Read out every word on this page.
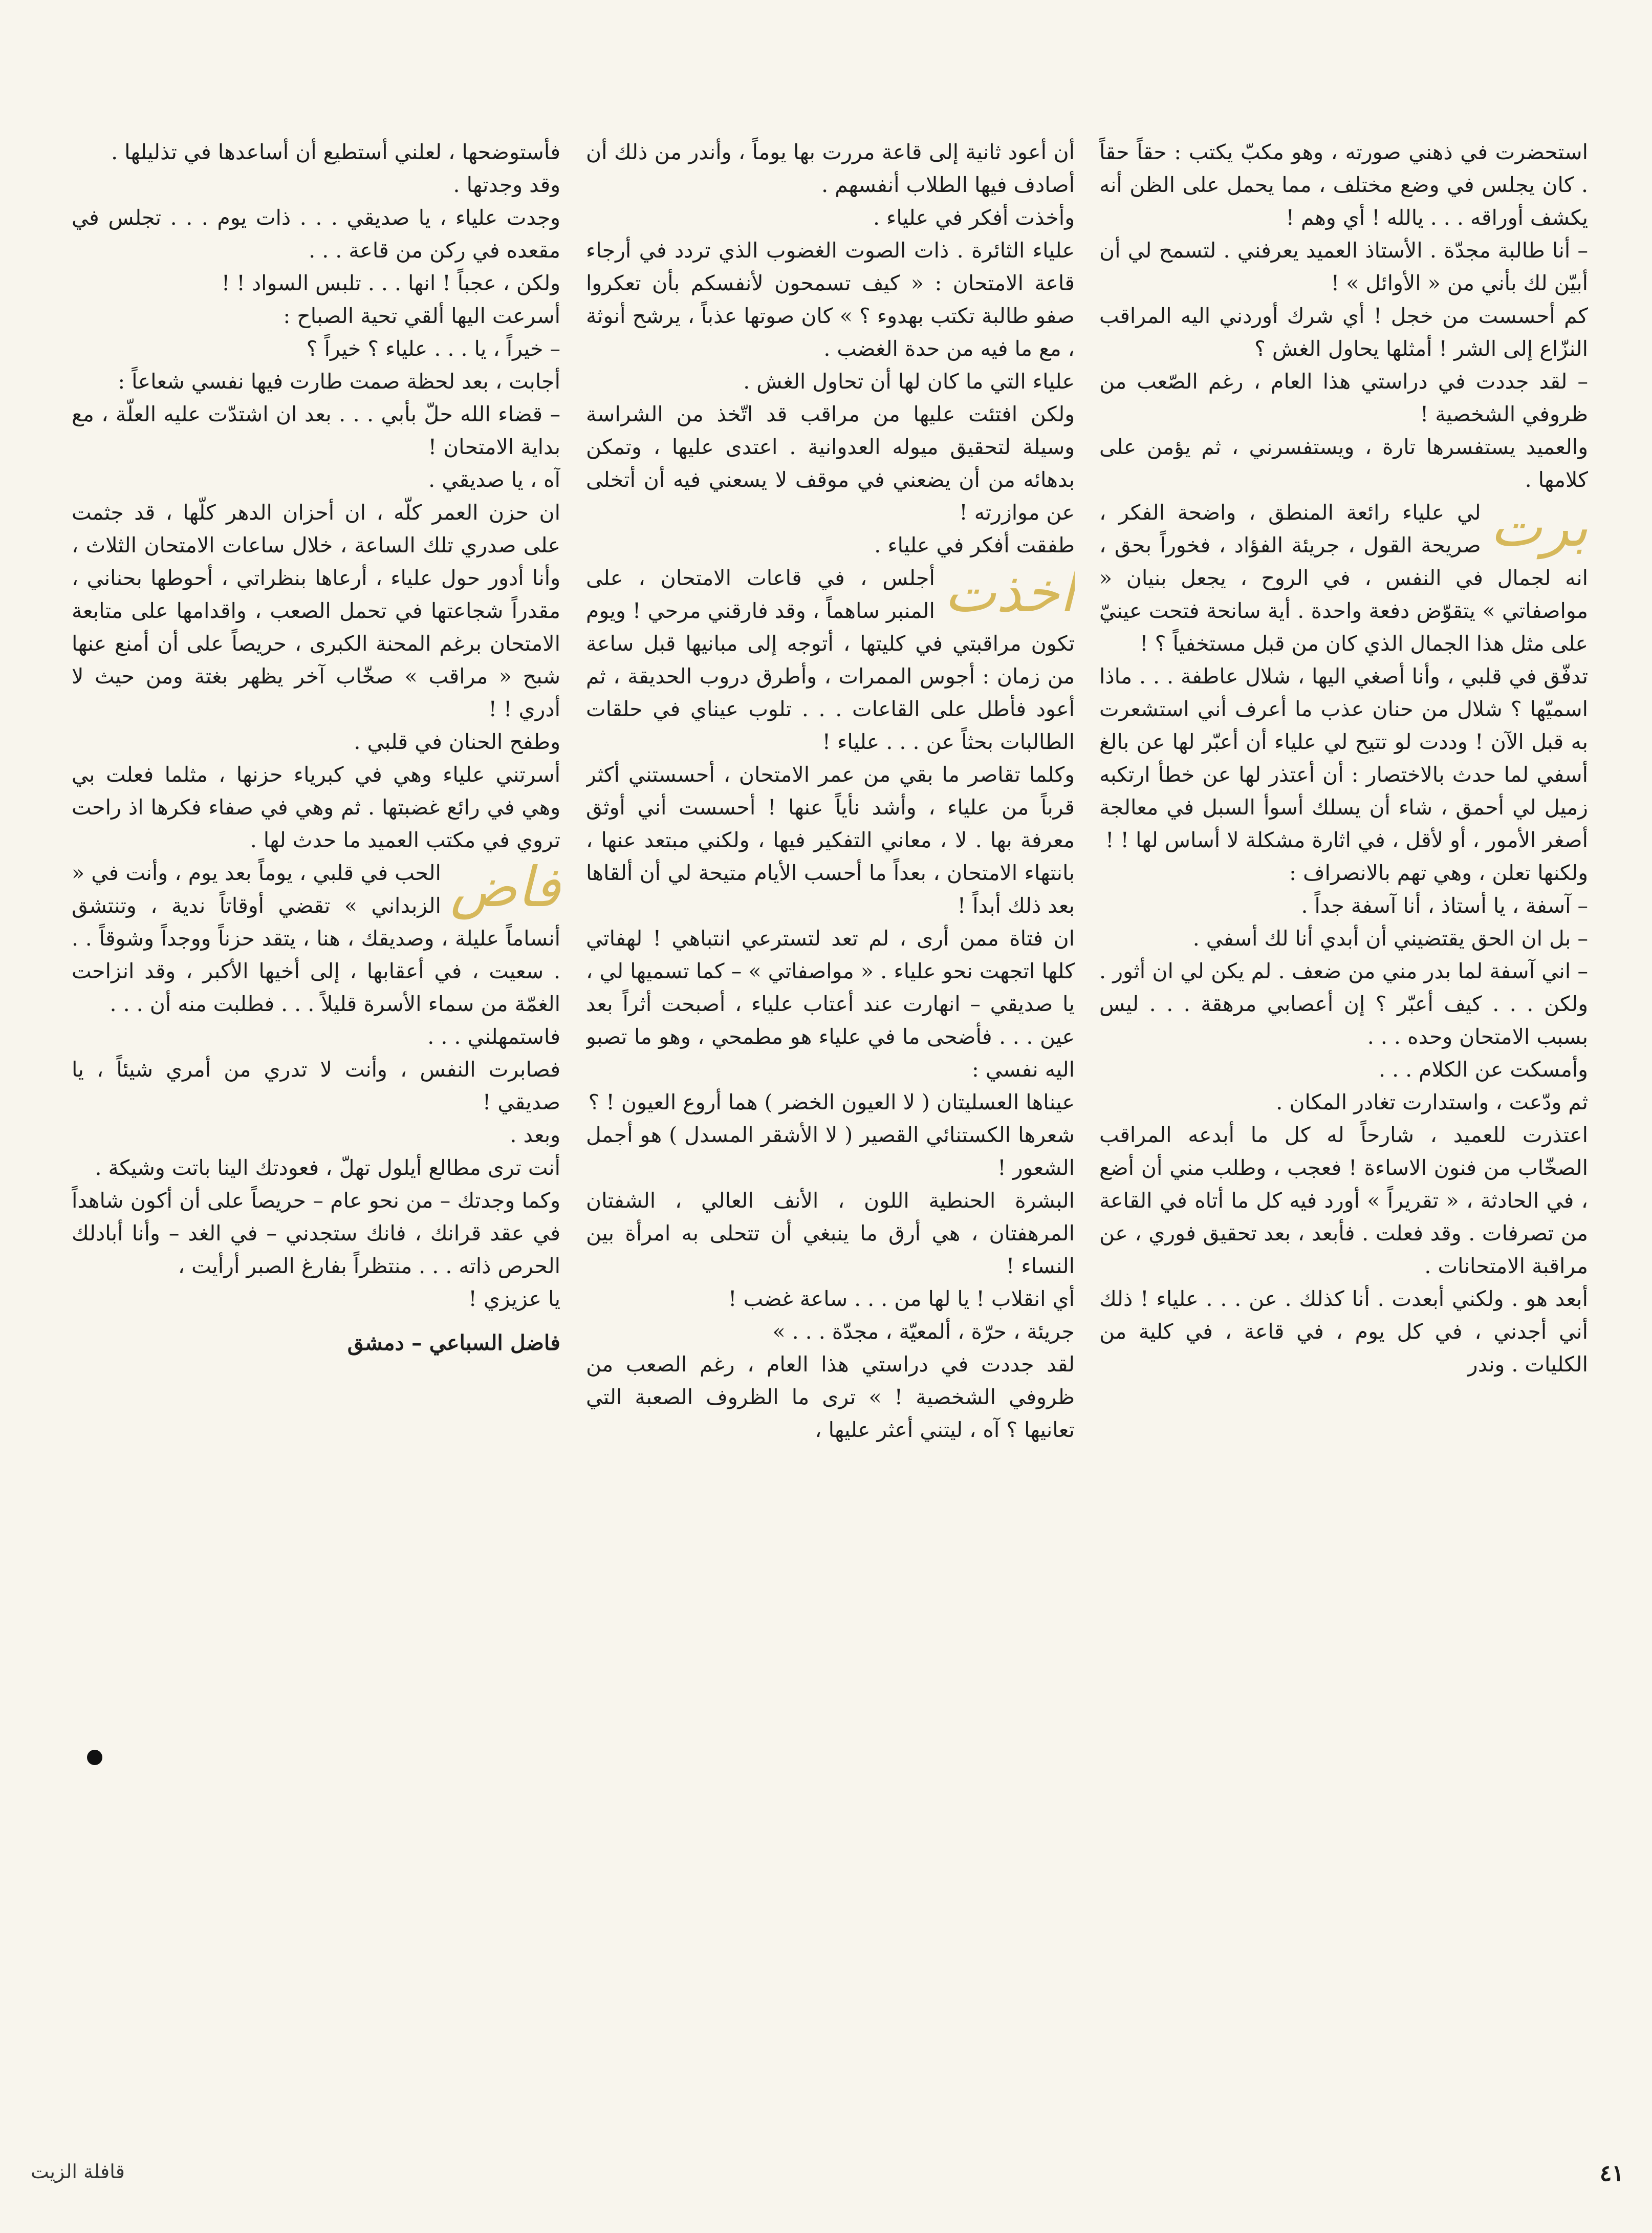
استحضرت في ذهني صورته ، وهو مكبّ يكتب : حقاً حقاً . كان يجلس في وضع مختلف ، مما يحمل على الظن أنه يكشف أوراقه . . . يالله ! أي وهم !

– أنا طالبة مجدّة . الأستاذ العميد يعرفني . لتسمح لي أن أبيّن لك بأني من « الأوائل » !

كم أحسست من خجل ! أي شرك أوردني اليه المراقب النزّاع إلى الشر ! أمثلها يحاول الغش ؟

– لقد جددت في دراستي هذا العام ، رغم الصّعب من ظروفي الشخصية !

والعميد يستفسرها تارة ، ويستفسرني ، ثم يؤمن على كلامها .

برت

لي علياء رائعة المنطق ، واضحة الفكر ، صريحة القول ، جريئة الفؤاد ، فخوراً بحق ، انه لجمال في النفس ، في الروح ، يجعل بنيان « مواصفاتي » يتقوّض دفعة واحدة . أية سانحة فتحت عينيّ على مثل هذا الجمال الذي كان من قبل مستخفياً ؟ !

تدفّق في قلبي ، وأنا أصغي اليها ، شلال عاطفة . . . ماذا اسميّها ؟ شلال من حنان عذب ما أعرف أني استشعرت به قبل الآن ! وددت لو تتيح لي علياء أن أعبّر لها عن بالغ أسفي لما حدث بالاختصار : أن أعتذر لها عن خطأ ارتكبه زميل لي أحمق ، شاء أن يسلك أسوأ السبل في معالجة أصغر الأمور ، أو لأقل ، في اثارة مشكلة لا أساس لها ! !

ولكنها تعلن ، وهي تهم بالانصراف :

– آسفة ، يا أستاذ ، أنا آسفة جداً .

– بل ان الحق يقتضيني أن أبدي أنا لك أسفي .

– اني آسفة لما بدر مني من ضعف . لم يكن لي ان أثور . ولكن . . . كيف أعبّر ؟ إن أعصابي مرهقة . . . ليس بسبب الامتحان وحده . . .

وأمسكت عن الكلام . . .

ثم ودّعت ، واستدارت تغادر المكان .

اعتذرت للعميد ، شارحاً له كل ما أبدعه المراقب الصخّاب من فنون الاساءة ! فعجب ، وطلب مني أن أضع ، في الحادثة ، « تقريراً » أورد فيه كل ما أتاه في القاعة من تصرفات . وقد فعلت . فأبعد ، بعد تحقيق فوري ، عن مراقبة الامتحانات .

أبعد هو . ولكني أبعدت . أنا كذلك . عن . . . علياء ! ذلك أني أجدني ، في كل يوم ، في قاعة ، في كلية من الكليات . وندر

أن أعود ثانية إلى قاعة مررت بها يوماً ، وأندر من ذلك أن أصادف فيها الطلاب أنفسهم .

وأخذت أفكر في علياء .

علياء الثائرة . ذات الصوت الغضوب الذي تردد في أرجاء قاعة الامتحان : « كيف تسمحون لأنفسكم بأن تعكروا صفو طالبة تكتب بهدوء ؟ » كان صوتها عذباً ، يرشح أنوثة ، مع ما فيه من حدة الغضب .

علياء التي ما كان لها أن تحاول الغش .

ولكن افتئت عليها من مراقب قد اتّخذ من الشراسة وسيلة لتحقيق ميوله العدوانية . اعتدى عليها ، وتمكن بدهائه من أن يضعني في موقف لا يسعني فيه أن أتخلى عن موازرته !

طفقت أفكر في علياء .

اخذت

أجلس ، في قاعات الامتحان ، على المنبر ساهماً ، وقد فارقني مرحي ! ويوم تكون مراقبتي في كليتها ، أتوجه إلى مبانيها قبل ساعة من زمان : أجوس الممرات ، وأطرق دروب الحديقة ، ثم أعود فأطل على القاعات . . . تلوب عيناي في حلقات الطالبات بحثاً عن . . . علياء !

وكلما تقاصر ما بقي من عمر الامتحان ، أحسستني أكثر قرباً من علياء ، وأشد نأياً عنها ! أحسست أني أوثق معرفة بها . لا ، معاني التفكير فيها ، ولكني مبتعد عنها ، بانتهاء الامتحان ، بعداً ما أحسب الأيام متيحة لي أن ألقاها بعد ذلك أبداً !

ان فتاة ممن أرى ، لم تعد لتسترعي انتباهي ! لهفاتي كلها اتجهت نحو علياء . « مواصفاتي » – كما تسميها لي ، يا صديقي – انهارت عند أعتاب علياء ، أصبحت أثراً بعد عين . . . فأضحى ما في علياء هو مطمحي ، وهو ما تصبو اليه نفسي :

عيناها العسليتان ( لا العيون الخضر ) هما أروع العيون ! ؟

شعرها الكستنائي القصير ( لا الأشقر المسدل ) هو أجمل الشعور !

البشرة الحنطية اللون ، الأنف العالي ، الشفتان المرهفتان ، هي أرق ما ينبغي أن تتحلى به امرأة بين النساء !

أي انقلاب ! يا لها من . . . ساعة غضب !

جريئة ، حرّة ، ألمعيّة ، مجدّة . . . »

لقد جددت في دراستي هذا العام ، رغم الصعب من ظروفي الشخصية ! » ترى ما الظروف الصعبة التي تعانيها ؟ آه ، ليتني أعثر عليها ،

فأستوضحها ، لعلني أستطيع أن أساعدها في تذليلها .

وقد وجدتها .

وجدت علياء ، يا صديقي . . . ذات يوم . . . تجلس في مقعده في ركن من قاعة . . .

ولكن ، عجباً ! انها . . . تلبس السواد ! !

أسرعت اليها ألقي تحية الصباح :

– خيراً ، يا . . . علياء ؟ خيراً ؟

أجابت ، بعد لحظة صمت طارت فيها نفسي شعاعاً :

– قضاء الله حلّ بأبي . . . بعد ان اشتدّت عليه العلّة ، مع بداية الامتحان !

آه ، يا صديقي .

ان حزن العمر كلّه ، ان أحزان الدهر كلّها ، قد جثمت على صدري تلك الساعة ، خلال ساعات الامتحان الثلاث ، وأنا أدور حول علياء ، أرعاها بنظراتي ، أحوطها بحناني ، مقدراً شجاعتها في تحمل الصعب ، واقدامها على متابعة الامتحان برغم المحنة الكبرى ، حريصاً على أن أمنع عنها شبح « مراقب » صخّاب آخر يظهر بغتة ومن حيث لا أدري ! !

وطفح الحنان في قلبي .

أسرتني علياء وهي في كبرياء حزنها ، مثلما فعلت بي وهي في رائع غضبتها . ثم وهي في صفاء فكرها اذ راحت تروي في مكتب العميد ما حدث لها .

فاض

الحب في قلبي ، يوماً بعد يوم ، وأنت في « الزبداني » تقضي أوقاتاً ندية ، وتنتشق أنساماً عليلة ، وصديقك ، هنا ، يتقد حزناً ووجداً وشوقاً . . . سعيت ، في أعقابها ، إلى أخيها الأكبر ، وقد انزاحت الغمّة من سماء الأسرة قليلاً . . . فطلبت منه أن . . .

فاستمهلني . . .

فصابرت النفس ، وأنت لا تدري من أمري شيئاً ، يا صديقي !

وبعد .

أنت ترى مطالع أيلول تهلّ ، فعودتك الينا باتت وشيكة .

وكما وجدتك – من نحو عام – حريصاً على أن أكون شاهداً في عقد قرانك ، فانك ستجدني – في الغد – وأنا أبادلك الحرص ذاته . . . منتظراً بفارغ الصبر أرأيت ،

يا عزيزي !

فاضل السباعي – دمشق

٤١
قافلة الزيت
